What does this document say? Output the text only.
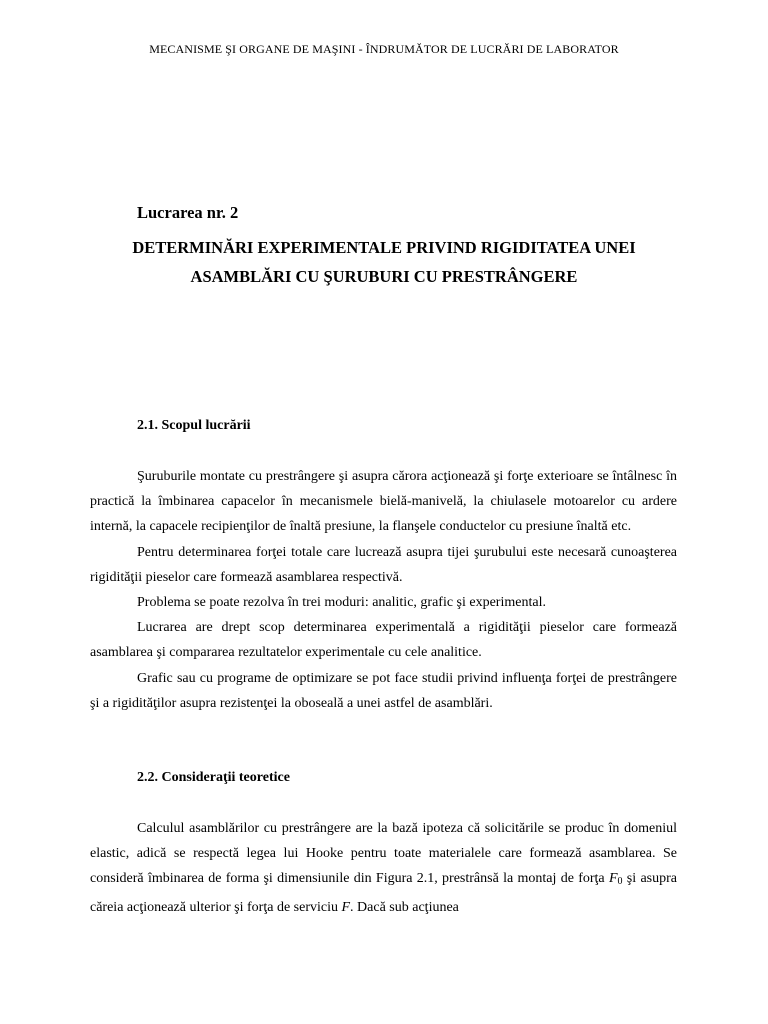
MECANISME ŞI ORGANE DE MAŞINI - ÎNDRUMĂTOR DE LUCRĂRI DE LABORATOR
Lucrarea nr. 2
DETERMINĂRI EXPERIMENTALE PRIVIND RIGIDITATEA UNEI
ASAMBLĂRI CU ŞURUBURI CU PRESTRÂNGERE
2.1. Scopul lucrării

Şuruburile montate cu prestrângere şi asupra cărora acţionează şi forţe exterioare se întâlnesc în practică la îmbinarea capacelor în mecanismele bielă-manivelă, la chiulasele motoarelor cu ardere internă, la capacele recipienţilor de înaltă presiune, la flanşele conductelor cu presiune înaltă etc.

Pentru determinarea forţei totale care lucrează asupra tijei şurubului este necesară cunoaşterea rigidităţii pieselor care formează asamblarea respectivă.

Problema se poate rezolva în trei moduri: analitic, grafic şi experimental.

Lucrarea are drept scop determinarea experimentală a rigidităţii pieselor care formează asamblarea şi compararea rezultatelor experimentale cu cele analitice.

Grafic sau cu programe de optimizare se pot face studii privind influenţa forţei de prestrângere şi a rigidităţilor asupra rezistenţei la oboseală a unei astfel de asamblări.

2.2. Consideraţii teoretice

Calculul asamblărilor cu prestrângere are la bază ipoteza că solicitările se produc în domeniul elastic, adică se respectă legea lui Hooke pentru toate materialele care formează asamblarea. Se consideră îmbinarea de forma şi dimensiunile din Figura 2.1, prestrânsă la montaj de forţa $F_0$ şi asupra căreia acţionează ulterior şi forţa de serviciu F. Dacă sub acţiunea
